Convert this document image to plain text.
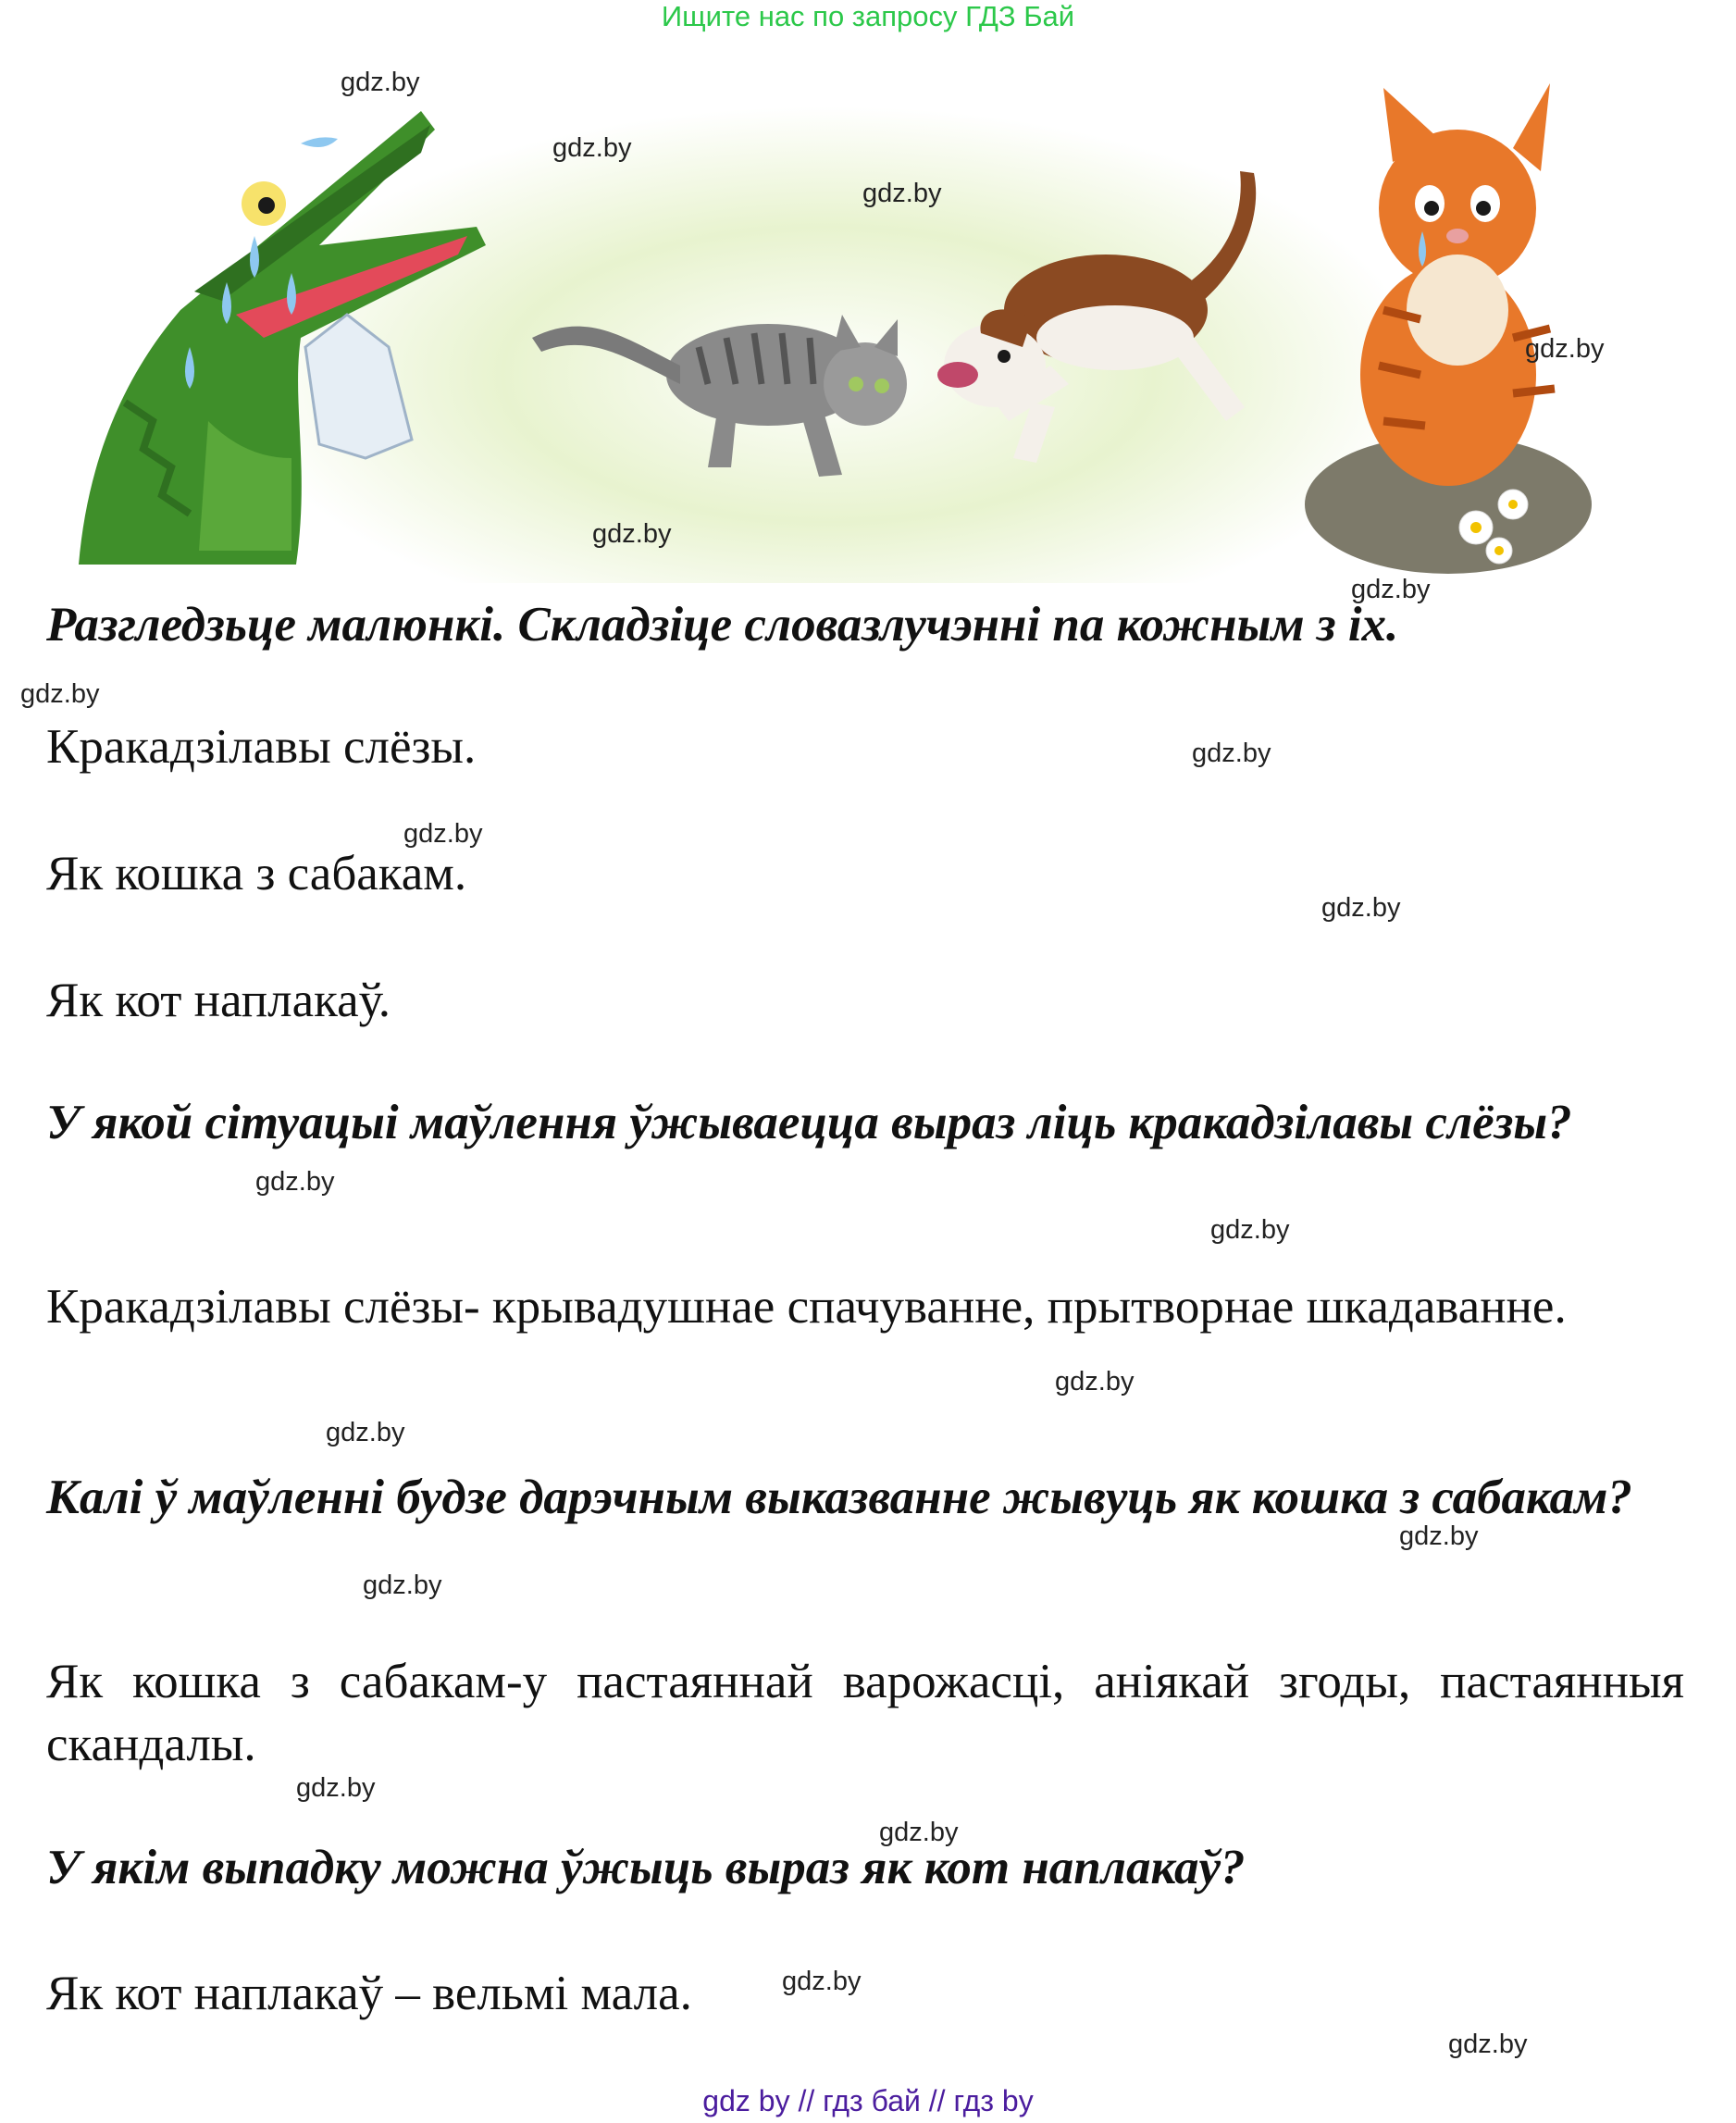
Ищите нас по запросу ГДЗ Бай
gdz.by
gdz.by
gdz.by
gdz.by
gdz.by
gdz.by
gdz.by
gdz.by
gdz.by
gdz.by
gdz.by
gdz.by
gdz.by
gdz.by
gdz.by
gdz.by
gdz.by
gdz.by
gdz.by
gdz.by
Разгледзьце малюнкі. Складзіце словазлучэнні па кожным з іх.
Кракадзілавы слёзы.
Як кошка з сабакам.
Як кот наплакаў.
У якой сітуацыі маўлення ўжываецца выраз ліць кракадзілавы слёзы?
Кракадзілавы слёзы- крывадушнае спачуванне, прытворнае шкадаванне.
Калі ў маўленні будзе дарэчным выказванне жывуць як кошка з сабакам?
Як кошка з сабакам-у пастаяннай варожасці, аніякай згоды, пастаянныя скандалы.
У якім выпадку можна ўжыць выраз як кот наплакаў?
Як кот наплакаў – вельмі мала.
gdz by // гдз бай // гдз by
